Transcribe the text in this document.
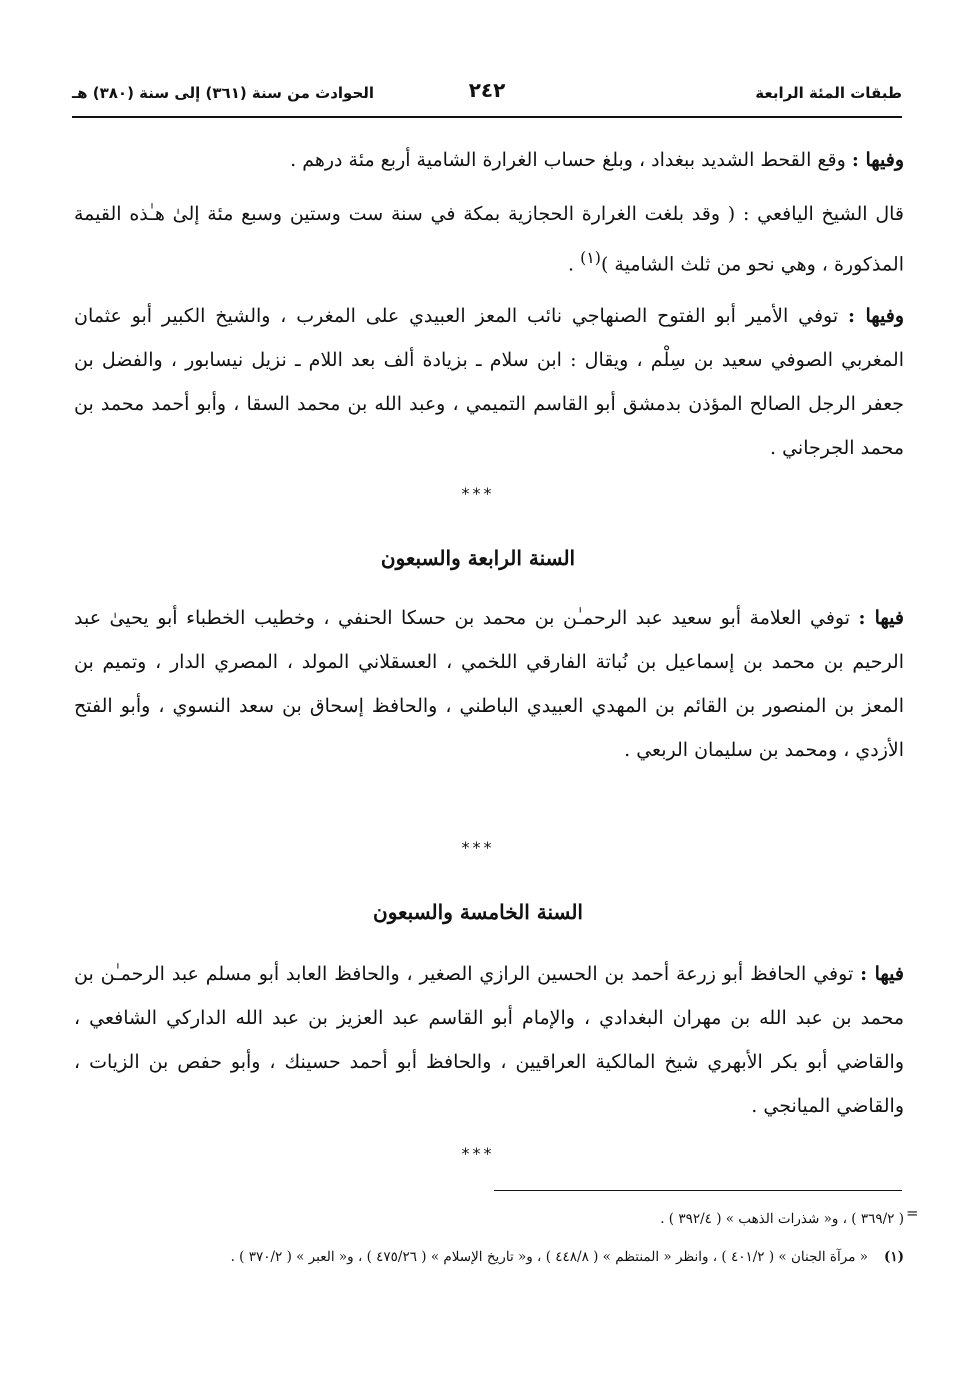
طبقات المئة الرابعة
٢٤٢
الحوادث من سنة (٣٦١) إلى سنة (٣٨٠) هـ
وفيها : وقع القحط الشديد ببغداد ، وبلغ حساب الغرارة الشامية أربع مئة درهم .
قال الشيخ اليافعي : ( وقد بلغت الغرارة الحجازية بمكة في سنة ست وستين وسبع مئة إلىٰ هـٰذه القيمة المذكورة ، وهي نحو من ثلث الشامية )$^{(١)}$ .
وفيها : توفي الأمير أبو الفتوح الصنهاجي نائب المعز العبيدي على المغرب ، والشيخ الكبير أبو عثمان المغربي الصوفي سعيد بن سِلْم ، ويقال : ابن سلام ـ بزيادة ألف بعد اللام ـ نزيل نيسابور ، والفضل بن جعفر الرجل الصالح المؤذن بدمشق أبو القاسم التميمي ، وعبد الله بن محمد السقا ، وأبو أحمد محمد بن محمد الجرجاني .
***
السنة الرابعة والسبعون
فيها : توفي العلامة أبو سعيد عبد الرحمـٰن بن محمد بن حسكا الحنفي ، وخطيب الخطباء أبو يحيىٰ عبد الرحيم بن محمد بن إسماعيل بن نُباتة الفارقي اللخمي ، العسقلاني المولد ، المصري الدار ، وتميم بن المعز بن المنصور بن القائم بن المهدي العبيدي الباطني ، والحافظ إسحاق بن سعد النسوي ، وأبو الفتح الأزدي ، ومحمد بن سليمان الربعي .
***
السنة الخامسة والسبعون
فيها : توفي الحافظ أبو زرعة أحمد بن الحسين الرازي الصغير ، والحافظ العابد أبو مسلم عبد الرحمـٰن بن محمد بن عبد الله بن مهران البغدادي ، والإمام أبو القاسم عبد العزيز بن عبد الله الداركي الشافعي ، والقاضي أبو بكر الأبهري شيخ المالكية العراقيين ، والحافظ أبو أحمد حسينك ، وأبو حفص بن الزيات ، والقاضي الميانجي .
***
=
( ٣٦٩/٢ ) ، و« شذرات الذهب » ( ٣٩٢/٤ ) .
(١)« مرآة الجنان » ( ٤٠١/٢ ) ، وانظر « المنتظم » ( ٤٤٨/٨ ) ، و« تاريخ الإسلام » ( ٤٧٥/٢٦ ) ، و« العبر » ( ٣٧٠/٢ ) .
